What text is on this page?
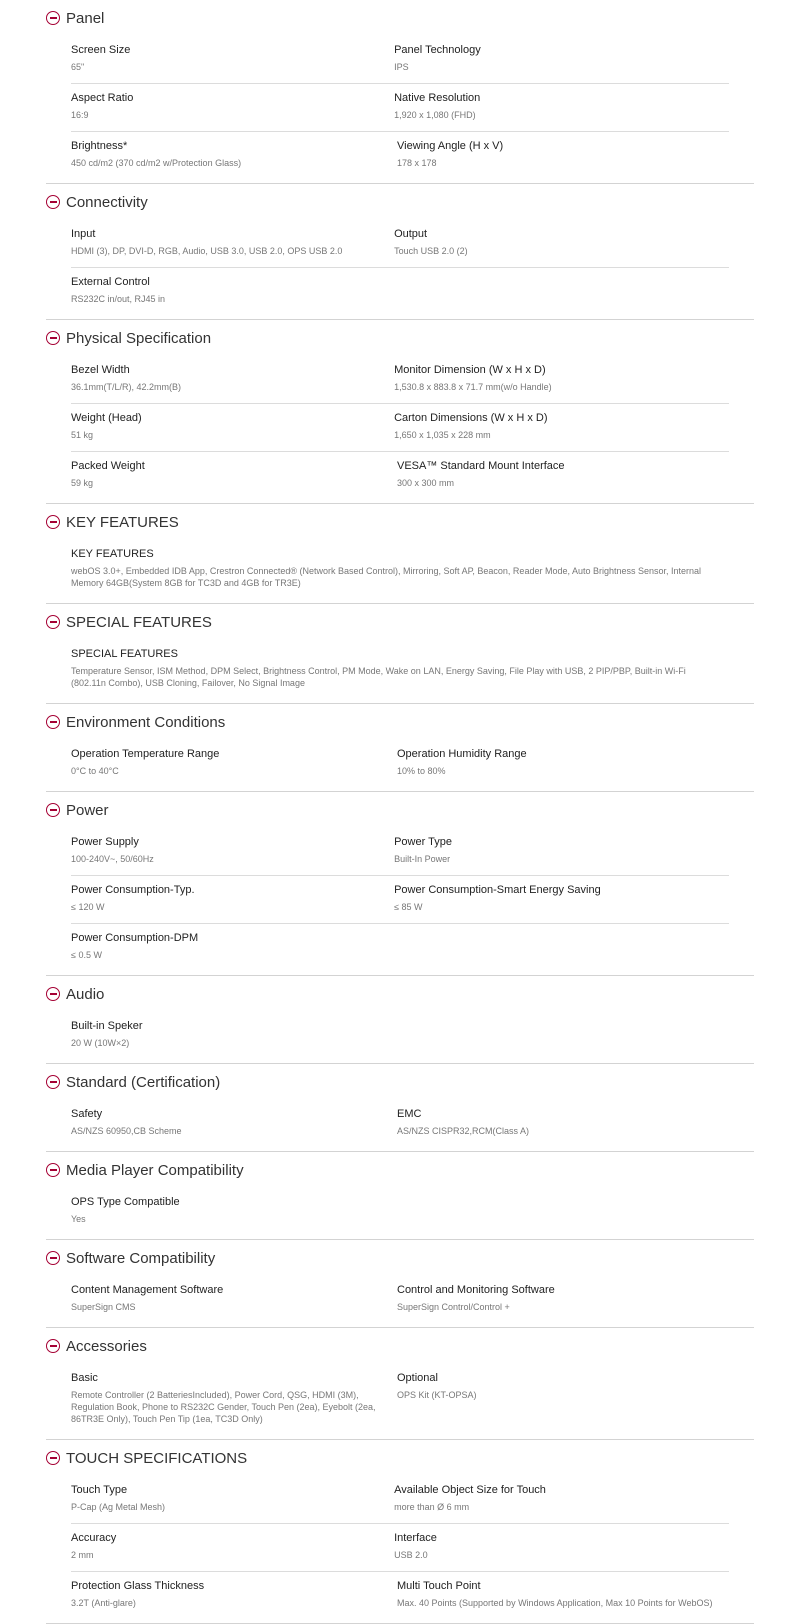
Panel
Screen Size
65"
Panel Technology
IPS
Aspect Ratio
16:9
Native Resolution
1,920 x 1,080 (FHD)
Brightness*
450 cd/m2 (370 cd/m2 w/Protection Glass)
Viewing Angle (H x V)
178 x 178
Connectivity
Input
HDMI (3), DP, DVI-D, RGB, Audio, USB 3.0, USB 2.0, OPS USB 2.0
Output
Touch USB 2.0 (2)
External Control
RS232C in/out, RJ45 in
Physical Specification
Bezel Width
36.1mm(T/L/R), 42.2mm(B)
Monitor Dimension (W x H x D)
1,530.8 x 883.8 x 71.7 mm(w/o Handle)
Weight (Head)
51 kg
Carton Dimensions (W x H x D)
1,650 x 1,035 x 228 mm
Packed Weight
59 kg
VESA™ Standard Mount Interface
300 x 300 mm
KEY FEATURES
KEY FEATURES
webOS 3.0+, Embedded IDB App, Crestron Connected® (Network Based Control), Mirroring, Soft AP, Beacon, Reader Mode, Auto Brightness Sensor, Internal Memory 64GB(System 8GB for TC3D and 4GB for TR3E)
SPECIAL FEATURES
SPECIAL FEATURES
Temperature Sensor, ISM Method, DPM Select, Brightness Control, PM Mode, Wake on LAN, Energy Saving, File Play with USB, 2 PIP/PBP, Built-in Wi-Fi (802.11n Combo), USB Cloning, Failover, No Signal Image
Environment Conditions
Operation Temperature Range
0°C to 40°C
Operation Humidity Range
10% to 80%
Power
Power Supply
100-240V~, 50/60Hz
Power Type
Built-In Power
Power Consumption-Typ.
≤ 120 W
Power Consumption-Smart Energy Saving
≤ 85 W
Power Consumption-DPM
≤ 0.5 W
Audio
Built-in Speker
20 W (10W×2)
Standard (Certification)
Safety
AS/NZS 60950,CB Scheme
EMC
AS/NZS CISPR32,RCM(Class A)
Media Player Compatibility
OPS Type Compatible
Yes
Software Compatibility
Content Management Software
SuperSign CMS
Control and Monitoring Software
SuperSign Control/Control +
Accessories
Basic
Remote Controller (2 BatteriesIncluded), Power Cord, QSG, HDMI (3M), Regulation Book, Phone to RS232C Gender, Touch Pen (2ea), Eyebolt (2ea, 86TR3E Only), Touch Pen Tip (1ea, TC3D Only)
Optional
OPS Kit (KT-OPSA)
TOUCH SPECIFICATIONS
Touch Type
P-Cap (Ag Metal Mesh)
Available Object Size for Touch
more than Ø 6 mm
Accuracy
2 mm
Interface
USB 2.0
Protection Glass Thickness
3.2T (Anti-glare)
Multi Touch Point
Max. 40 Points (Supported by Windows Application, Max 10 Points for WebOS)
